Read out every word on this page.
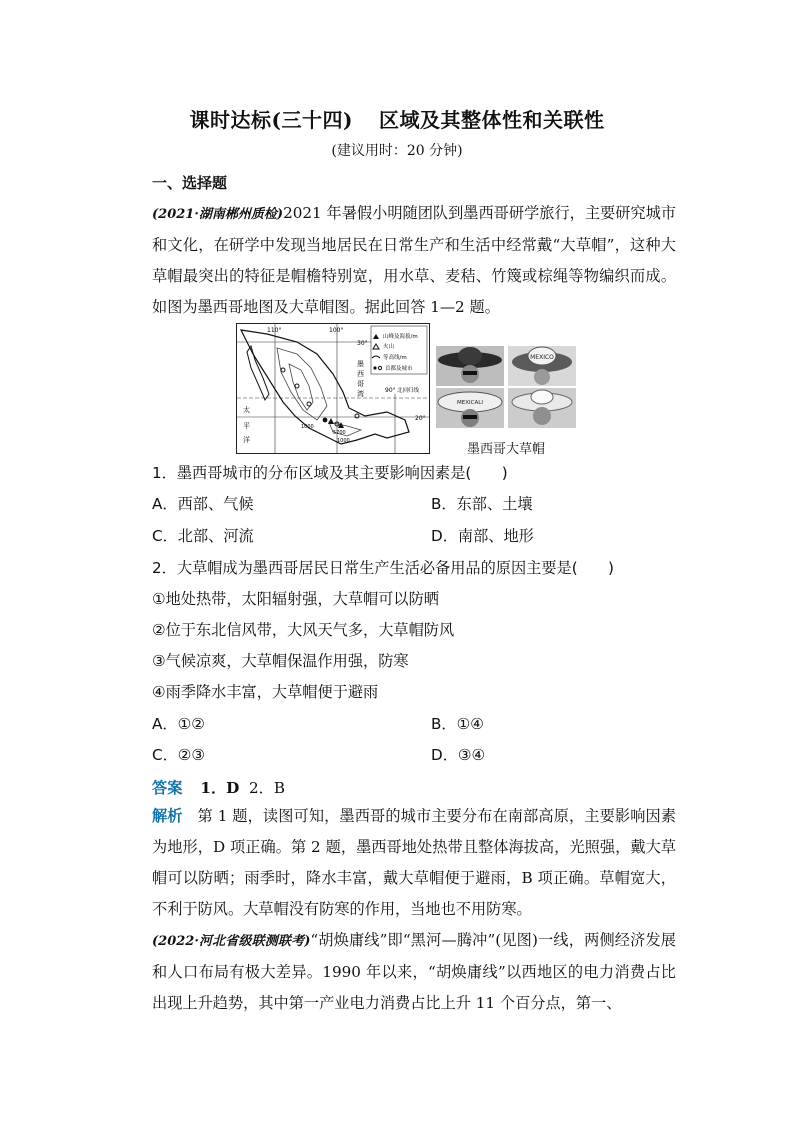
课时达标(三十四) 区域及其整体性和关联性
(建议用时：20 分钟)
一、选择题

(2021·湖南郴州质检)2021 年暑假小明随团队到墨西哥研学旅行，主要研究城市和文化，在研学中发现当地居民在日常生产和生活中经常戴“大草帽”，这种大草帽最突出的特征是帽檐特别宽，用水草、麦秸、竹篾或棕绳等物编织而成。如图为墨西哥地图及大草帽图。据此回答 1—2 题。

山峰及海拔/m
火山
等高线/m
首都及城市
110°	100°
30°
20°
90° 北回归线
墨
西
哥
湾
太
平
洋
1000
1000
5700
MEXICO
MEXICALI
墨西哥大草帽
1．墨西哥城市的分布区域及其主要影响因素是(　　)
A．西部、气候	B．东部、土壤
C．北部、河流	D．南部、地形
2．大草帽成为墨西哥居民日常生产生活必备用品的原因主要是(　　)
①地处热带，太阳辐射强，大草帽可以防晒
②位于东北信风带，大风天气多，大草帽防风
③气候凉爽，大草帽保温作用强，防寒
④雨季降水丰富，大草帽便于避雨
A．①②	B．①④
C．②③	D．③④
答案 1．D 2．B

解析 第 1 题，读图可知，墨西哥的城市主要分布在南部高原，主要影响因素为地形，D 项正确。第 2 题，墨西哥地处热带且整体海拔高，光照强，戴大草帽可以防晒；雨季时，降水丰富，戴大草帽便于避雨，B 项正确。草帽宽大，不利于防风。大草帽没有防寒的作用，当地也不用防寒。

(2022·河北省级联测联考)“胡焕庸线”即“黑河—腾冲”(见图)一线，两侧经济发展和人口布局有极大差异。1990 年以来，“胡焕庸线”以西地区的电力消费占比出现上升趋势，其中第一产业电力消费占比上升 11 个百分点，第一、
